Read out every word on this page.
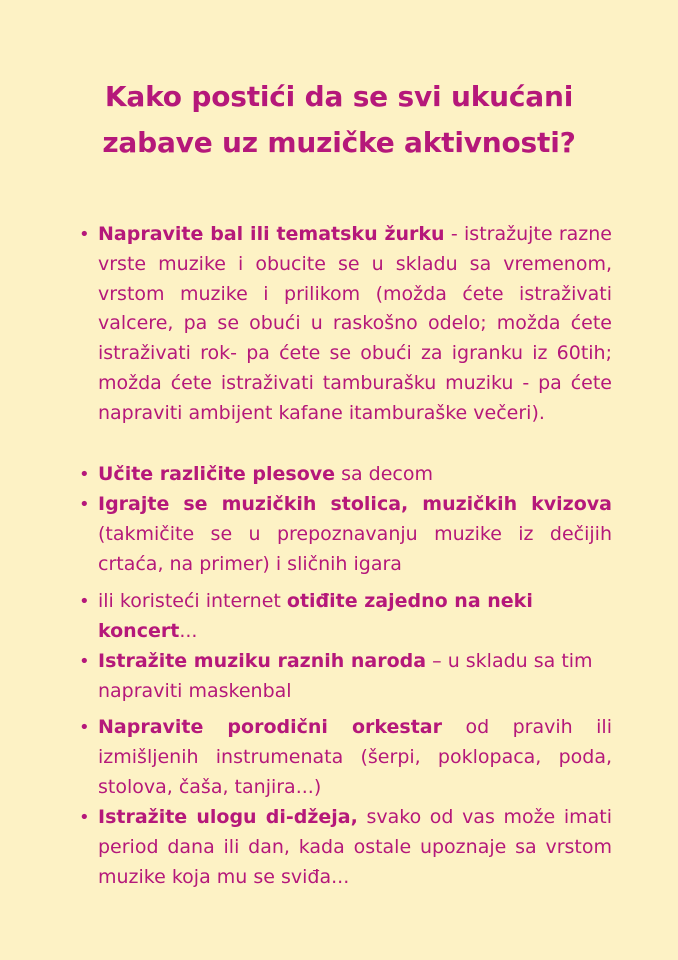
Kako postići da se svi ukućani
zabave uz muzičke aktivnosti?
• Napravite bal ili tematsku žurku - istražujte razne vrste muzike i obucite se u skladu sa vremenom, vrstom muzike i prilikom (možda ćete istraživati valcere, pa se obući u raskošno odelo; možda ćete istraživati rok- pa ćete se obući za igranku iz 60tih; možda ćete istraživati tamburašku muziku - pa ćete napraviti ambijent kafane itamburaške večeri).
• Učite različite plesove sa decom
• Igrajte se muzičkih stolica, muzičkih kvizova (takmičite se u prepoznavanju muzike iz dečijih crtaća, na primer) i sličnih igara
• ili koristeći internet otiđite zajedno na neki koncert...
• Istražite muziku raznih naroda – u skladu sa tim napraviti maskenbal
• Napravite porodični orkestar od pravih ili izmišljenih instrumenata (šerpi, poklopaca, poda, stolova, čaša, tanjira...)
• Istražite ulogu di-džeja, svako od vas može imati period dana ili dan, kada ostale upoznaje sa vrstom muzike koja mu se sviđa...
